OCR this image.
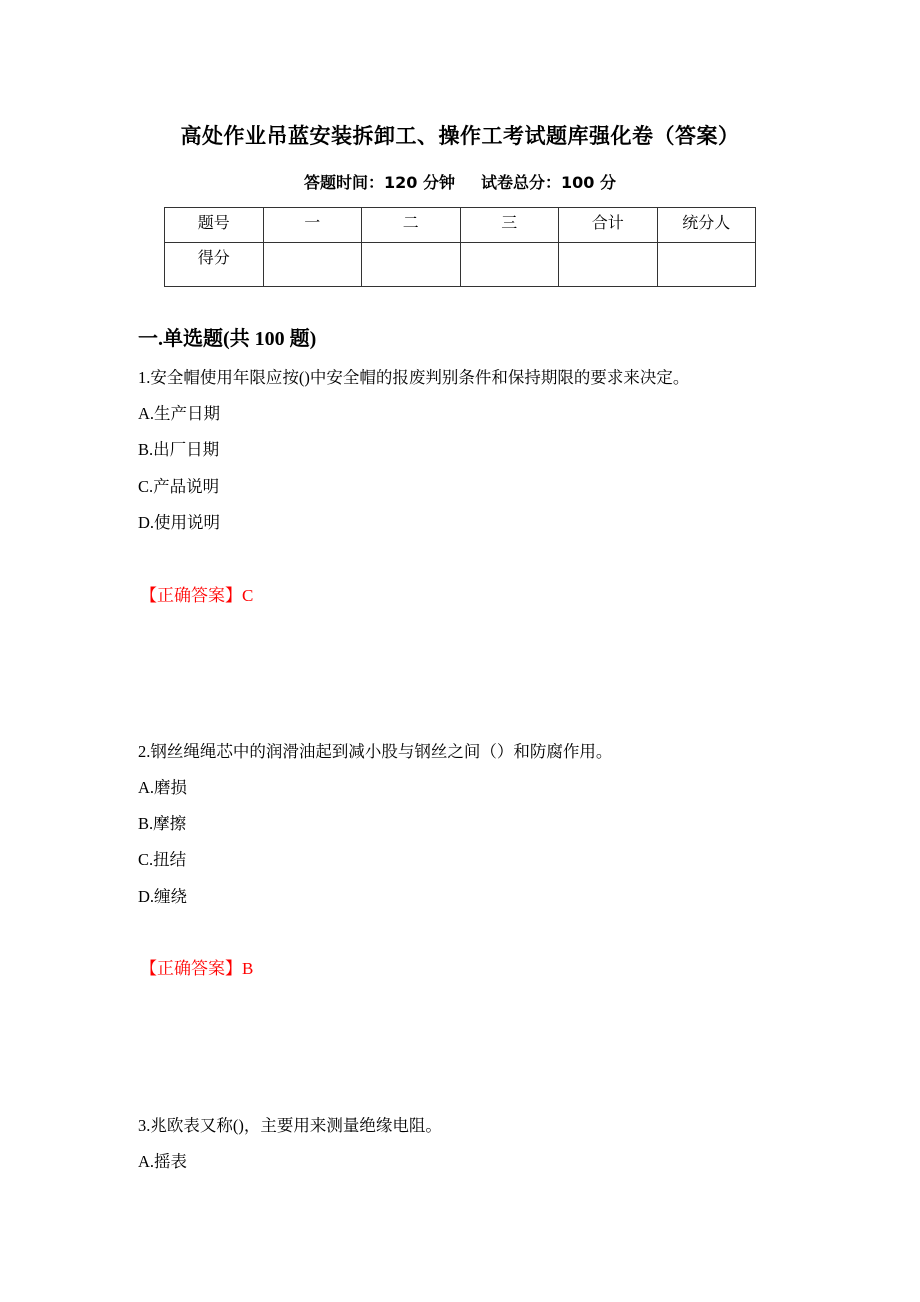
高处作业吊蓝安装拆卸工、操作工考试题库强化卷（答案）
答题时间：120 分钟 试卷总分：100 分
题号	一	二	三	合计	统分人
得分					
一.单选题(共 100 题)
1.安全帽使用年限应按()中安全帽的报废判别条件和保持期限的要求来决定。
A.生产日期
B.出厂日期
C.产品说明
D.使用说明
【正确答案】C
2.钢丝绳绳芯中的润滑油起到减小股与钢丝之间（）和防腐作用。
A.磨损
B.摩擦
C.扭结
D.缠绕
【正确答案】B
3.兆欧表又称()，主要用来测量绝缘电阻。
A.摇表
